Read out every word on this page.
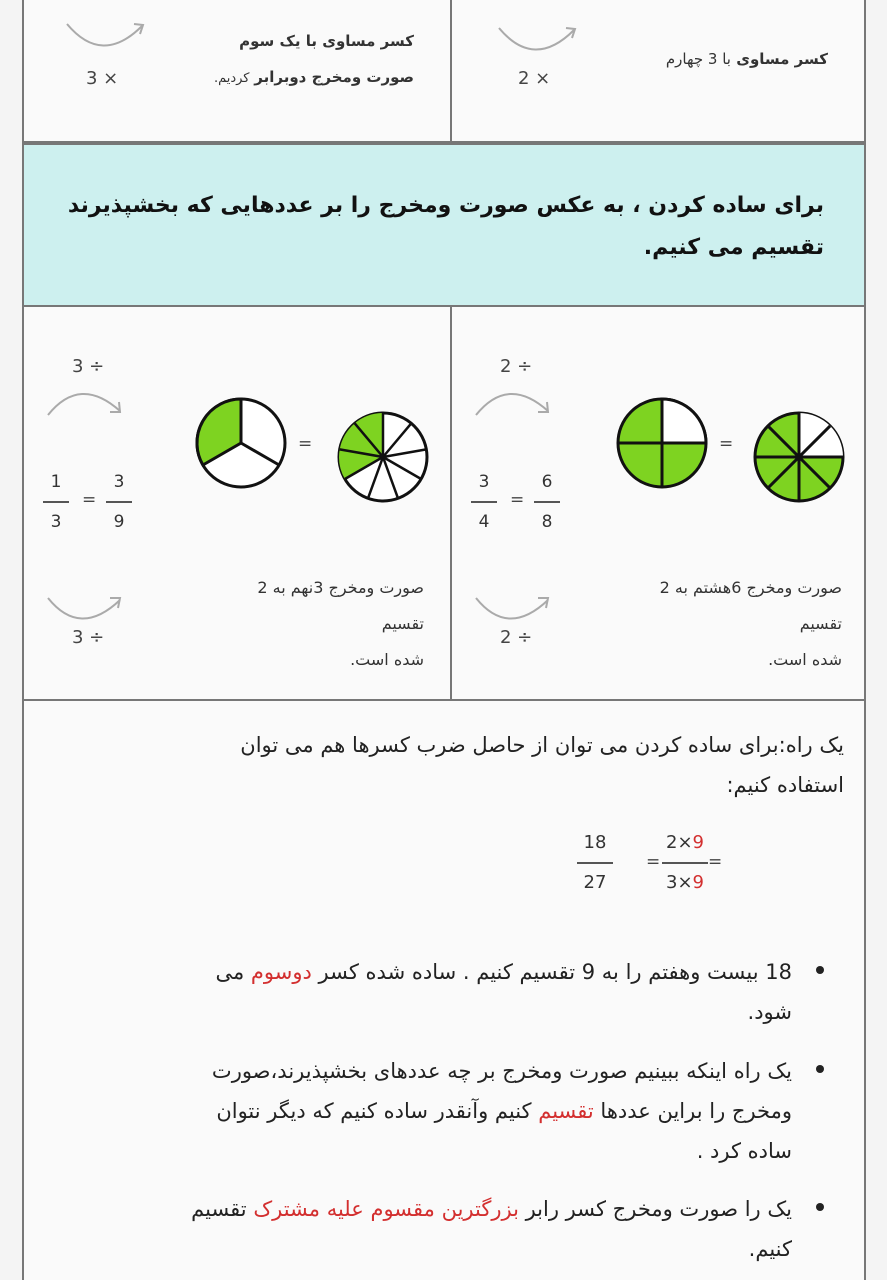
کسر مساوی با 3 چهارم
2 ×
کسر مساوی با یک سوم
صورت ومخرج دوبرابر کردیم.
3 ×
برای ساده کردن ، به عکس صورت ومخرج را بر عددهایی که بخشپذیرند
تقسیم می کنیم.
2 ÷
3
4
=
6
8
=
صورت ومخرج 6هشتم به 2
تقسیم
شده است.
2 ÷
3 ÷
1
3
=
3
9
=
صورت ومخرج 3نهم به 2
تقسیم
شده است.
3 ÷
یک راه:برای ساده کردن می توان از حاصل ضرب کسرها هم می توان
استفاده کنیم:
18
27
=
2×9
3×9
=
18 بیست وهفتم را به 9 تقسیم کنیم . ساده شده کسر دوسوم می
شود.
یک راه اینکه ببینیم صورت ومخرج بر چه عددهای بخشپذیرند،صورت
ومخرج را براین عددها تقسیم کنیم وآنقدر ساده کنیم که دیگر نتوان
ساده کرد .
یک را صورت ومخرج کسر رابر بزرگترین مقسوم علیه مشترک تقسیم
کنیم.
